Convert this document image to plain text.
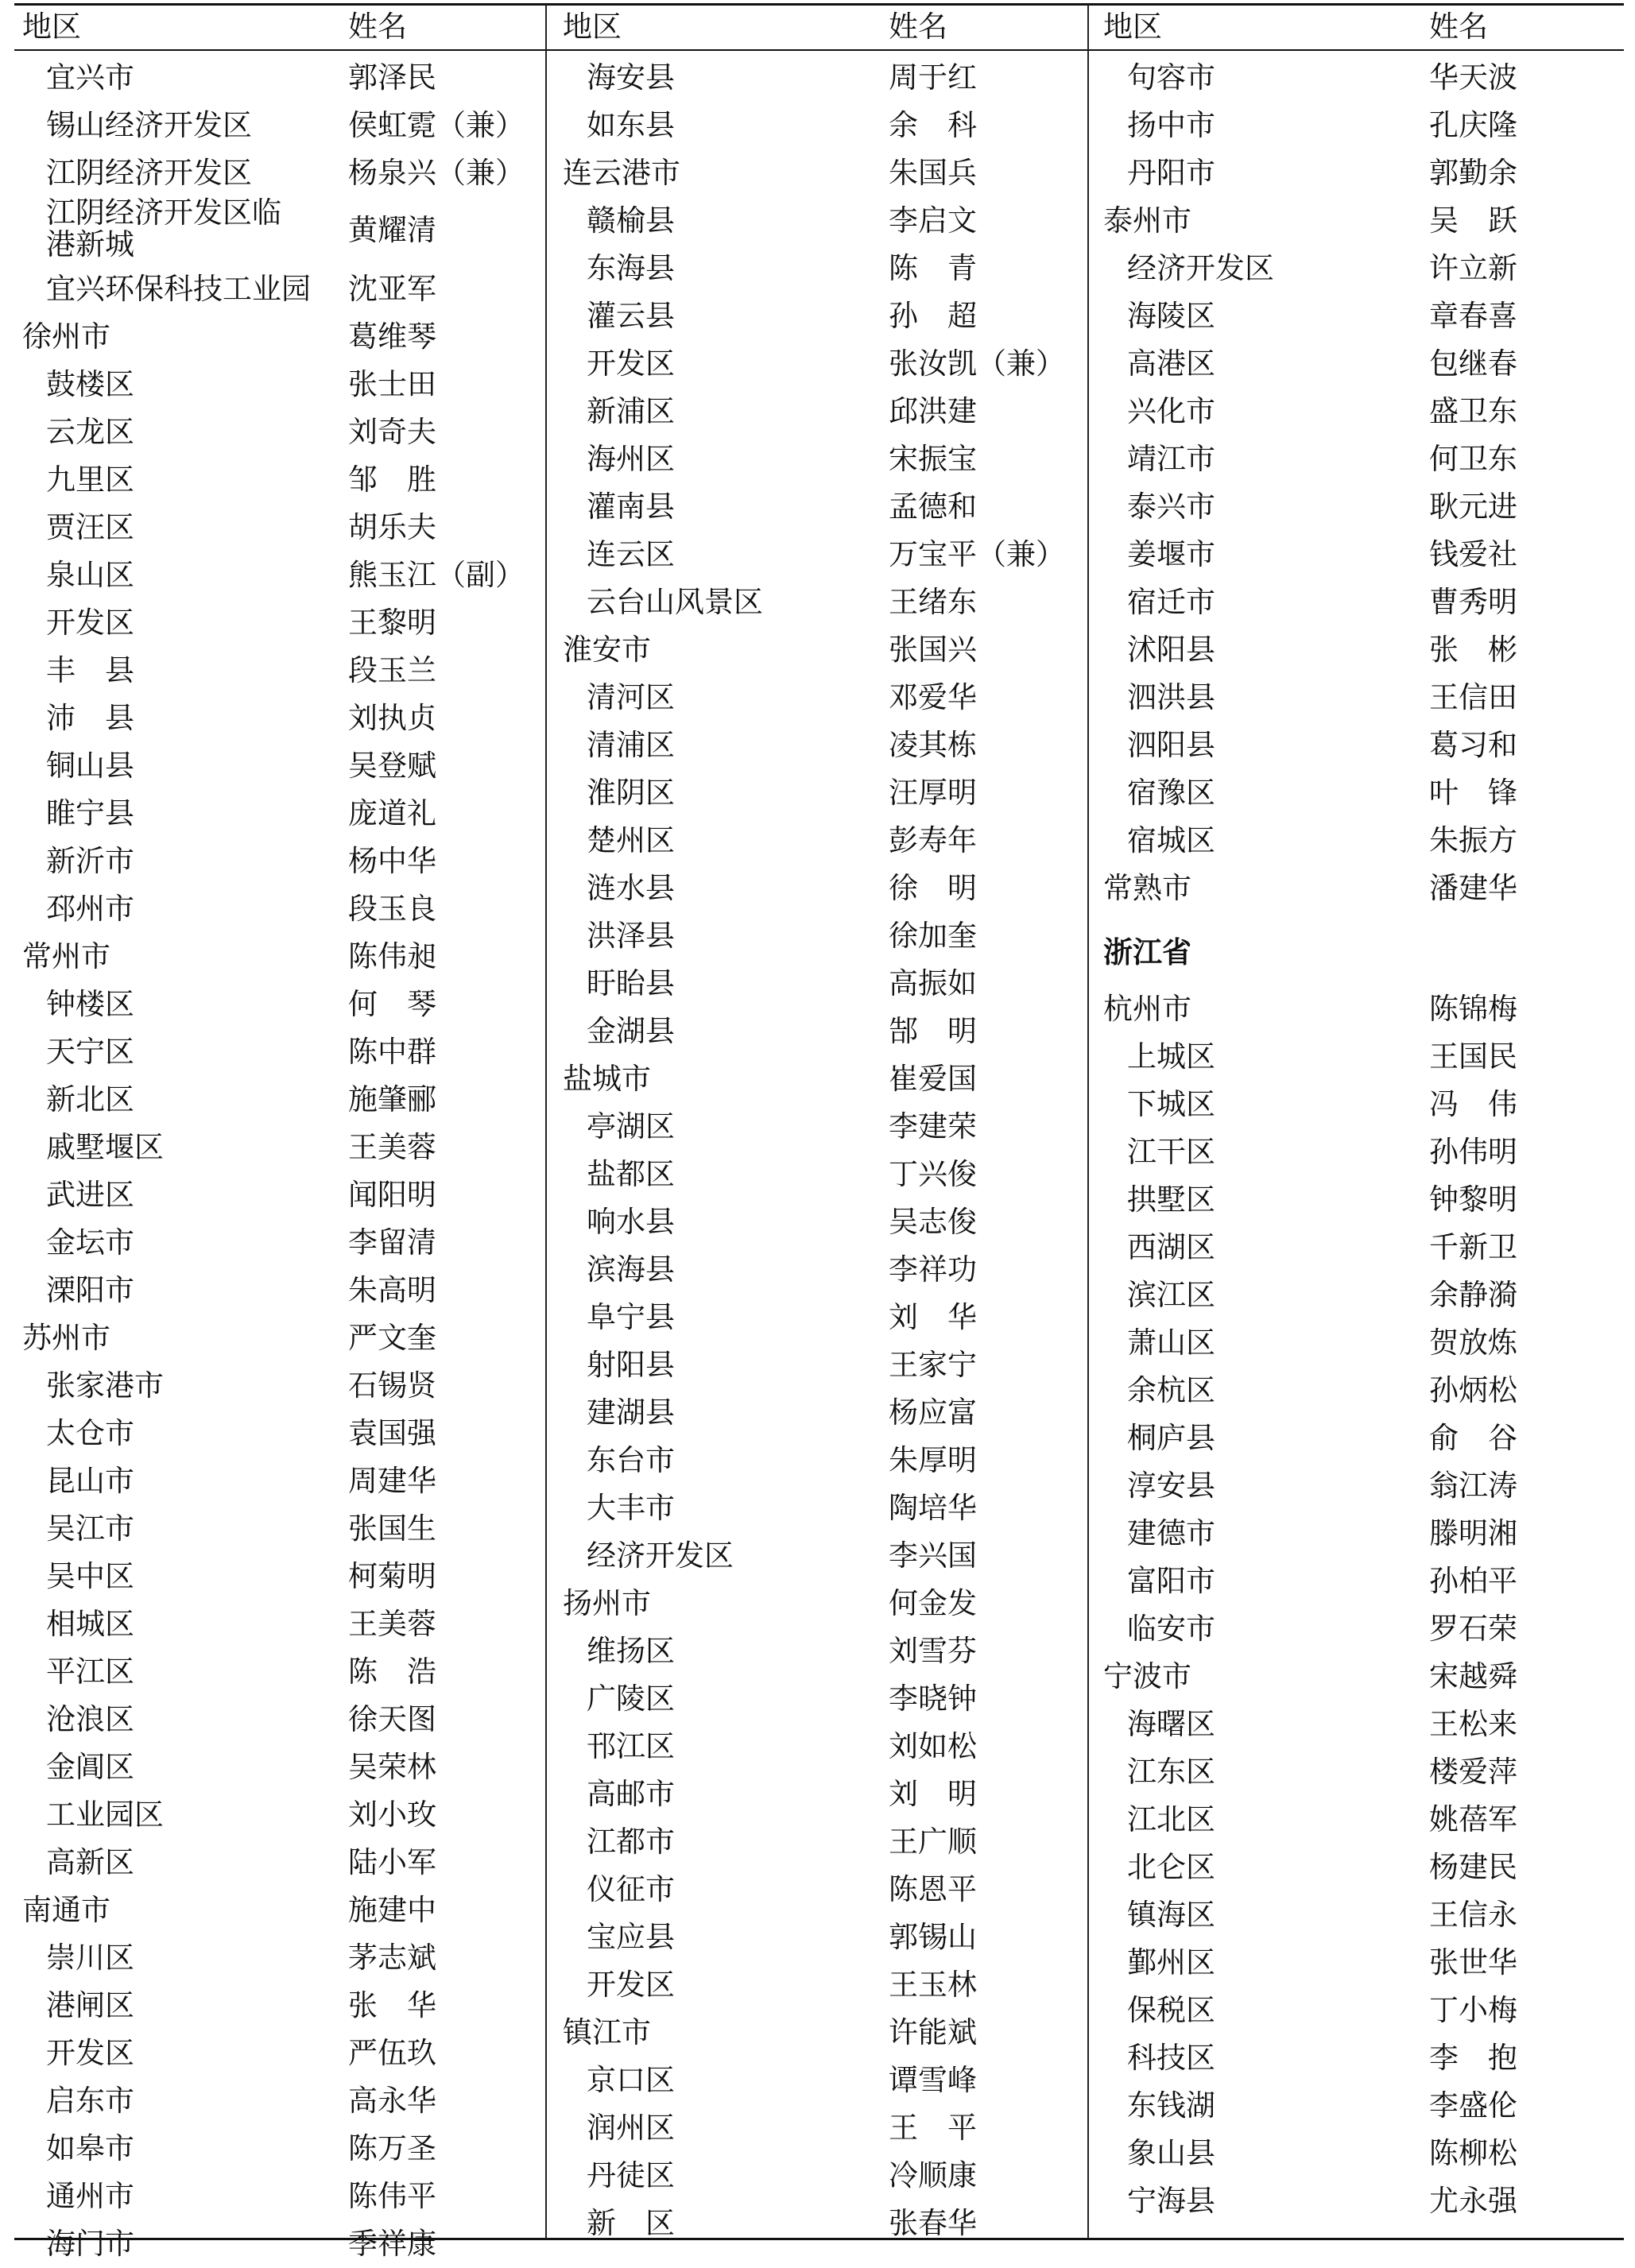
地区	姓名
宜兴市	郭泽民
锡山经济开发区	侯虹霓（兼）
江阴经济开发区	杨泉兴（兼）
江阴经济开发区临港新城	黄耀清
宜兴环保科技工业园 沈亚军
徐州市	葛维琴
鼓楼区	张士田
云龙区	刘奇夫
九里区	邹　胜
贾汪区	胡乐夫
泉山区	熊玉江（副）
开发区	王黎明
丰　县	段玉兰
沛　县	刘执贞
铜山县	吴登赋
睢宁县	庞道礼
新沂市	杨中华
邳州市	段玉良
常州市	陈伟昶
钟楼区	何　琴
天宁区	陈中群
新北区	施肇郦
戚墅堰区	王美蓉
武进区	闻阳明
金坛市	李留清
溧阳市	朱高明
苏州市	严文奎
张家港市	石锡贤
太仓市	袁国强
昆山市	周建华
吴江市	张国生
吴中区	柯菊明
相城区	王美蓉
平江区	陈　浩
沧浪区	徐天图
金阊区	吴荣林
工业园区	刘小玫
高新区	陆小军
南通市	施建中
崇川区	茅志斌
港闸区	张　华
开发区	严伍玖
启东市	高永华
如皋市	陈万圣
通州市	陈伟平
海门市	季祥康
地区	姓名
海安县	周于红
如东县	余　科
连云港市	朱国兵
赣榆县	李启文
东海县	陈　青
灌云县	孙　超
开发区	张汝凯（兼）
新浦区	邱洪建
海州区	宋振宝
灌南县	孟德和
连云区	万宝平（兼）
云台山风景区	王绪东
淮安市	张国兴
清河区	邓爱华
清浦区	凌其栋
淮阴区	汪厚明
楚州区	彭寿年
涟水县	徐　明
洪泽县	徐加奎
盱眙县	高振如
金湖县	郜　明
盐城市	崔爱国
亭湖区	李建荣
盐都区	丁兴俊
响水县	吴志俊
滨海县	李祥功
阜宁县	刘　华
射阳县	王家宁
建湖县	杨应富
东台市	朱厚明
大丰市	陶培华
经济开发区	李兴国
扬州市	何金发
维扬区	刘雪芬
广陵区	李晓钟
邗江区	刘如松
高邮市	刘　明
江都市	王广顺
仪征市	陈恩平
宝应县	郭锡山
开发区	王玉林
镇江市	许能斌
京口区	谭雪峰
润州区	王　平
丹徒区	冷顺康
新　区	张春华
地区	姓名
句容市	华天波
扬中市	孔庆隆
丹阳市	郭勤余
泰州市	吴　跃
经济开发区	许立新
海陵区	章春喜
高港区	包继春
兴化市	盛卫东
靖江市	何卫东
泰兴市	耿元进
姜堰市	钱爱社
宿迁市	曹秀明
沭阳县	张　彬
泗洪县	王信田
泗阳县	葛习和
宿豫区	叶　锋
宿城区	朱振方
常熟市	潘建华
浙江省
杭州市	陈锦梅
上城区	王国民
下城区	冯　伟
江干区	孙伟明
拱墅区	钟黎明
西湖区	千新卫
滨江区	余静漪
萧山区	贺放炼
余杭区	孙炳松
桐庐县	俞　谷
淳安县	翁江涛
建德市	滕明湘
富阳市	孙柏平
临安市	罗石荣
宁波市	宋越舜
海曙区	王松来
江东区	楼爱萍
江北区	姚蓓军
北仑区	杨建民
镇海区	王信永
鄞州区	张世华
保税区	丁小梅
科技区	李　抱
东钱湖	李盛伦
象山县	陈柳松
宁海县	尤永强
